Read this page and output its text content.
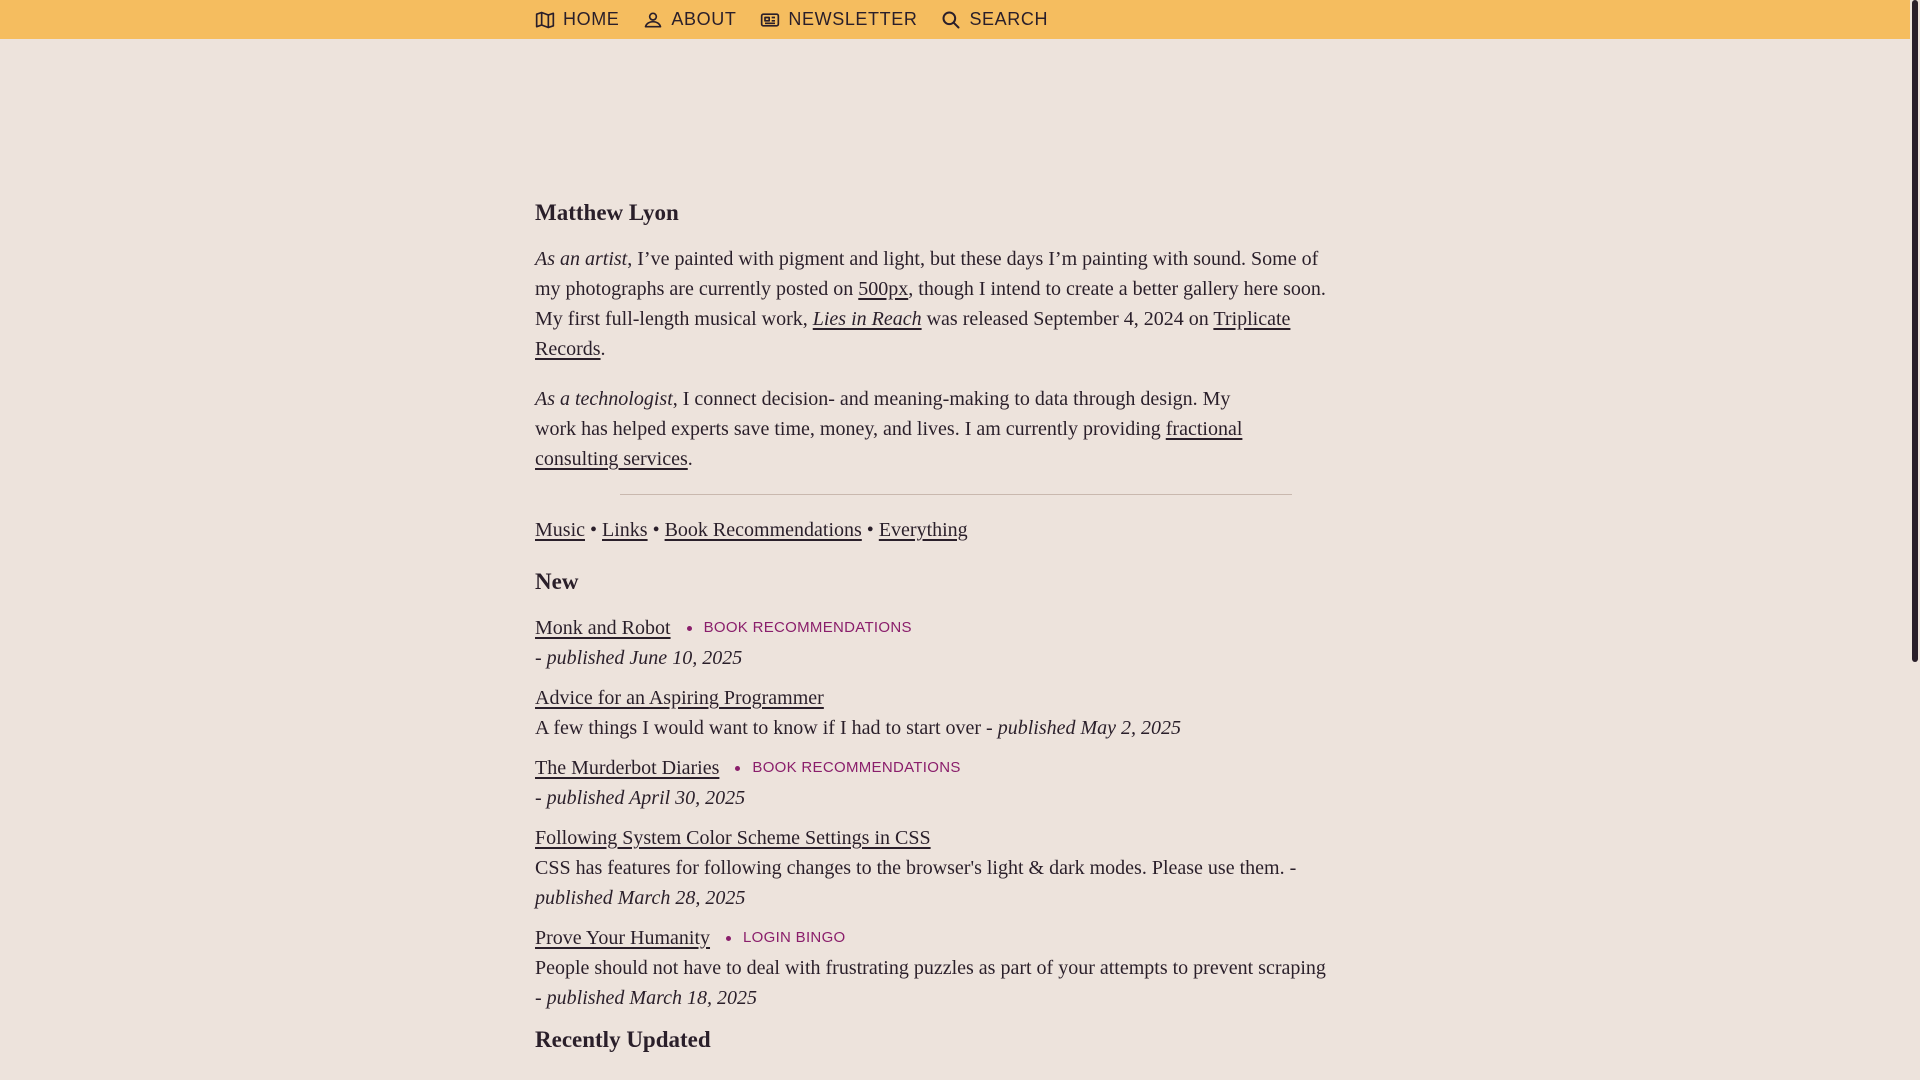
HOME	ABOUT	NEWSLETTER	SEARCH
Matthew Lyon

As an artist, I’ve painted with pigment and light, but these days I’m painting with sound. Some of my photographs are currently posted on 500px, though I intend to create a better gallery here soon. My first full-length musical work, Lies in Reach was released September 4, 2024 on Triplicate Records.

As a technologist, I connect decision- and meaning-making to data through design. My work has helped experts save time, money, and lives. I am currently providing fractional consulting services.

Music • Links • Book Recommendations • Everything
New
Monk and Robot BOOK RECOMMENDATIONS
- published June 10, 2025
Advice for an Aspiring Programmer
A few things I would want to know if I had to start over - published May 2, 2025
The Murderbot Diaries BOOK RECOMMENDATIONS
- published April 30, 2025
Following System Color Scheme Settings in CSS
CSS has features for following changes to the browser's light & dark modes. Please use them. - published March 28, 2025
Prove Your Humanity LOGIN BINGO
People should not have to deal with frustrating puzzles as part of your attempts to prevent scraping - published March 18, 2025
Recently Updated
